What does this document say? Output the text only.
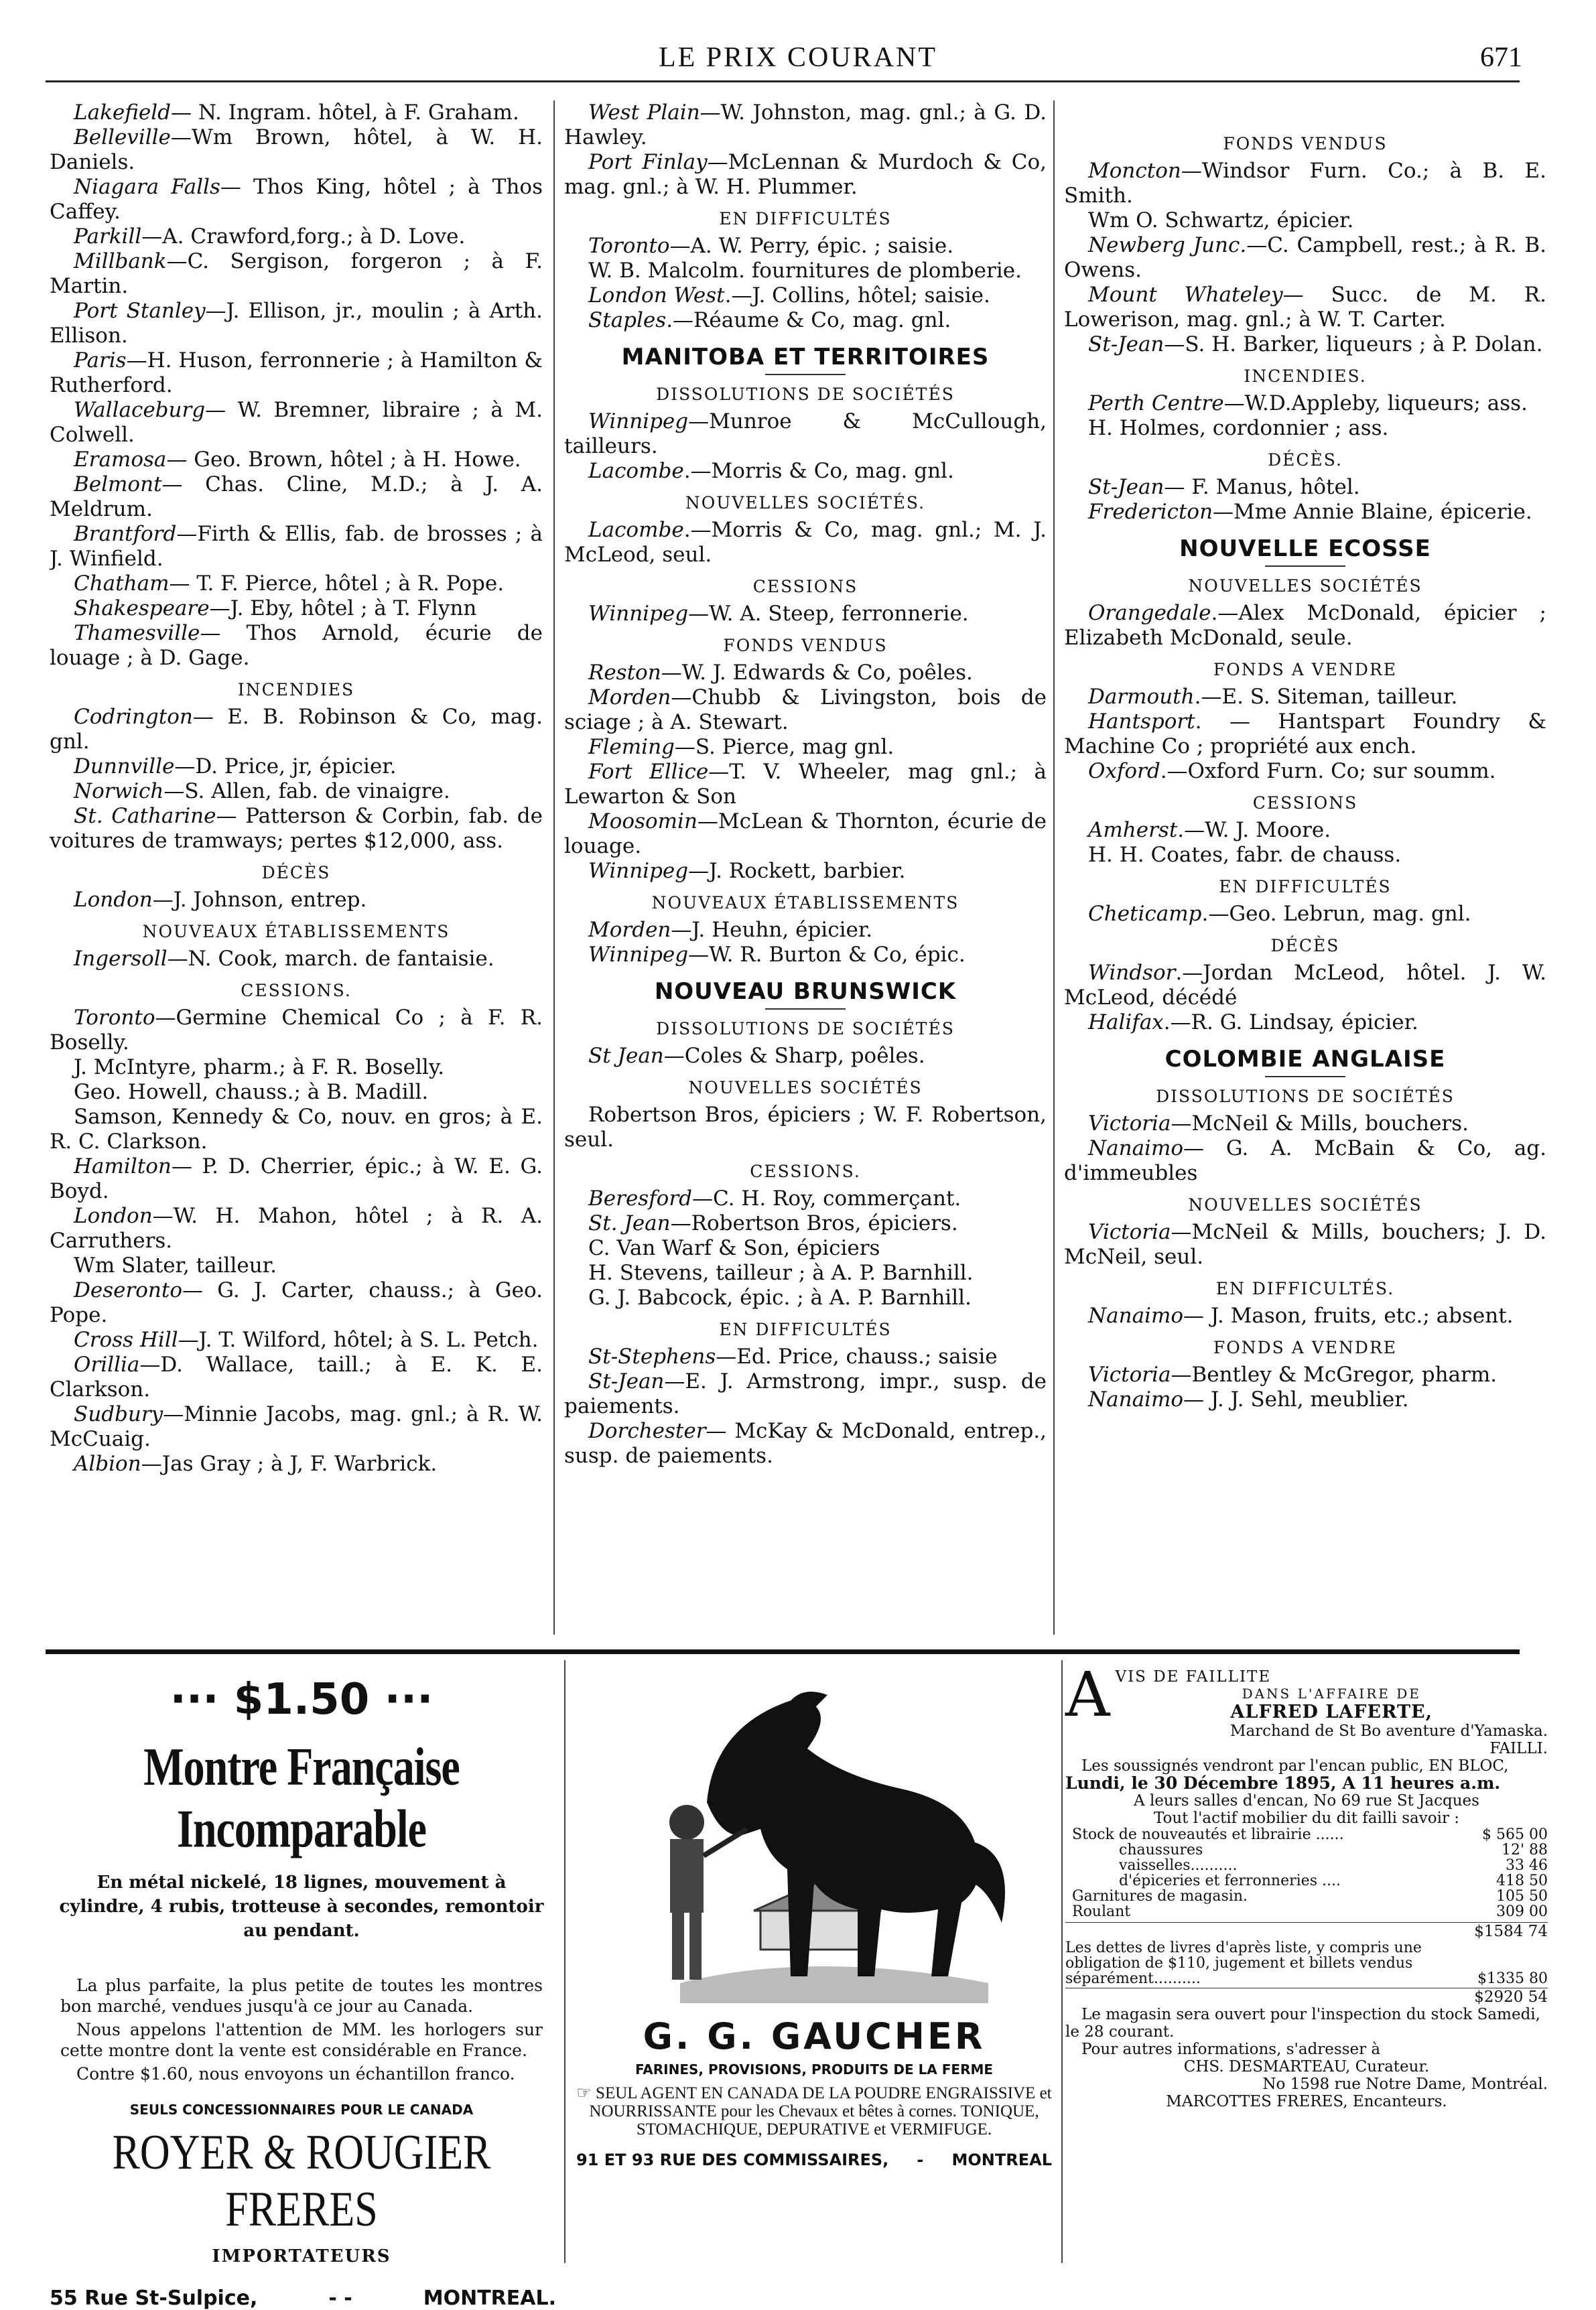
LE PRIX COURANT	671

Lakefield— N. Ingram. hôtel, à F. Graham.

Belleville—Wm Brown, hôtel, à W. H. Daniels.

Niagara Falls— Thos King, hôtel ; à Thos Caffey.

Parkill—A. Crawford,forg.; à D. Love.

Millbank—C. Sergison, forgeron ; à F. Martin.

Port Stanley—J. Ellison, jr., moulin ; à Arth. Ellison.

Paris—H. Huson, ferronnerie ; à Hamilton & Rutherford.

Wallaceburg— W. Bremner, libraire ; à M. Colwell.

Eramosa— Geo. Brown, hôtel ; à H. Howe.

Belmont— Chas. Cline, M.D.; à J. A. Meldrum.

Brantford—Firth & Ellis, fab. de brosses ; à J. Winfield.

Chatham— T. F. Pierce, hôtel ; à R. Pope.

Shakespeare—J. Eby, hôtel ; à T. Flynn

Thamesville— Thos Arnold, écurie de louage ; à D. Gage.

INCENDIES

Codrington— E. B. Robinson & Co, mag. gnl.

Dunnville—D. Price, jr, épicier.

Norwich—S. Allen, fab. de vinaigre.

St. Catharine— Patterson & Corbin, fab. de voitures de tramways; pertes $12,000, ass.

DÉCÈS

London—J. Johnson, entrep.

NOUVEAUX ÉTABLISSEMENTS

Ingersoll—N. Cook, march. de fantaisie.

CESSIONS.

Toronto—Germine Chemical Co ; à F. R. Boselly.

J. McIntyre, pharm.; à F. R. Boselly.

Geo. Howell, chauss.; à B. Madill.

Samson, Kennedy & Co, nouv. en gros; à E. R. C. Clarkson.

Hamilton— P. D. Cherrier, épic.; à W. E. G. Boyd.

London—W. H. Mahon, hôtel ; à R. A. Carruthers.

Wm Slater, tailleur.

Deseronto— G. J. Carter, chauss.; à Geo. Pope.

Cross Hill—J. T. Wilford, hôtel; à S. L. Petch.

Orillia—D. Wallace, taill.; à E. K. E. Clarkson.

Sudbury—Minnie Jacobs, mag. gnl.; à R. W. McCuaig.

Albion—Jas Gray ; à J, F. Warbrick.

West Plain—W. Johnston, mag. gnl.; à G. D. Hawley.

Port Finlay—McLennan & Murdoch & Co, mag. gnl.; à W. H. Plummer.

EN DIFFICULTÉS

Toronto—A. W. Perry, épic. ; saisie.

W. B. Malcolm. fournitures de plomberie.

London West.—J. Collins, hôtel; saisie.

Staples.—Réaume & Co, mag. gnl.

MANITOBA ET TERRITOIRES
DISSOLUTIONS DE SOCIÉTÉS

Winnipeg—Munroe & McCullough, tailleurs.

Lacombe.—Morris & Co, mag. gnl.

NOUVELLES SOCIÉTÉS.

Lacombe.—Morris & Co, mag. gnl.; M. J. McLeod, seul.

CESSIONS

Winnipeg—W. A. Steep, ferronnerie.

FONDS VENDUS

Reston—W. J. Edwards & Co, poêles.

Morden—Chubb & Livingston, bois de sciage ; à A. Stewart.

Fleming—S. Pierce, mag gnl.

Fort Ellice—T. V. Wheeler, mag gnl.; à Lewarton & Son

Moosomin—McLean & Thornton, écurie de louage.

Winnipeg—J. Rockett, barbier.

NOUVEAUX ÉTABLISSEMENTS

Morden—J. Heuhn, épicier.

Winnipeg—W. R. Burton & Co, épic.

NOUVEAU BRUNSWICK
DISSOLUTIONS DE SOCIÉTÉS

St Jean—Coles & Sharp, poêles.

NOUVELLES SOCIÉTÉS

Robertson Bros, épiciers ; W. F. Robertson, seul.

CESSIONS.

Beresford—C. H. Roy, commerçant.

St. Jean—Robertson Bros, épiciers.

C. Van Warf & Son, épiciers

H. Stevens, tailleur ; à A. P. Barnhill.

G. J. Babcock, épic. ; à A. P. Barnhill.

EN DIFFICULTÉS

St-Stephens—Ed. Price, chauss.; saisie

St-Jean—E. J. Armstrong, impr., susp. de paiements.

Dorchester— McKay & McDonald, entrep., susp. de paiements.

FONDS VENDUS

Moncton—Windsor Furn. Co.; à B. E. Smith.

Wm O. Schwartz, épicier.

Newberg Junc.—C. Campbell, rest.; à R. B. Owens.

Mount Whateley— Succ. de M. R. Lowerison, mag. gnl.; à W. T. Carter.

St-Jean—S. H. Barker, liqueurs ; à P. Dolan.

INCENDIES.

Perth Centre—W.D.Appleby, liqueurs; ass.

H. Holmes, cordonnier ; ass.

DÉCÈS.

St-Jean— F. Manus, hôtel.

Fredericton—Mme Annie Blaine, épicerie.

NOUVELLE ECOSSE
NOUVELLES SOCIÉTÉS

Orangedale.—Alex McDonald, épicier ; Elizabeth McDonald, seule.

FONDS A VENDRE

Darmouth.—E. S. Siteman, tailleur.

Hantsport. — Hantspart Foundry & Machine Co ; propriété aux ench.

Oxford.—Oxford Furn. Co; sur soumm.

CESSIONS

Amherst.—W. J. Moore.

H. H. Coates, fabr. de chauss.

EN DIFFICULTÉS

Cheticamp.—Geo. Lebrun, mag. gnl.

DÉCÈS

Windsor.—Jordan McLeod, hôtel. J. W. McLeod, décédé

Halifax.—R. G. Lindsay, épicier.

COLOMBIE ANGLAISE
DISSOLUTIONS DE SOCIÉTÉS

Victoria—McNeil & Mills, bouchers.

Nanaimo— G. A. McBain & Co, ag. d'immeubles

NOUVELLES SOCIÉTÉS

Victoria—McNeil & Mills, bouchers; J. D. McNeil, seul.

EN DIFFICULTÉS.

Nanaimo— J. Mason, fruits, etc.; absent.

FONDS A VENDRE

Victoria—Bentley & McGregor, pharm.

Nanaimo— J. J. Sehl, meublier.

··· $1.50 ···
Montre Française Incomparable
En métal nickelé, 18 lignes, mouvement à cylindre, 4 rubis, trotteuse à secondes, remontoir au pendant.

La plus parfaite, la plus petite de toutes les montres bon marché, vendues jusqu'à ce jour au Canada.

Nous appelons l'attention de MM. les horlogers sur cette montre dont la vente est considérable en France.

Contre $1.60, nous envoyons un échantillon franco.

SEULS CONCESSIONNAIRES POUR LE CANADA
ROYER & ROUGIER FRERES
IMPORTATEURS
55 Rue St-Sulpice,	- -	MONTREAL.
G. G. GAUCHER
FARINES, PROVISIONS, PRODUITS DE LA FERME
☞ SEUL AGENT EN CANADA DE LA POUDRE ENGRAISSIVE et NOURRISSANTE pour les Chevaux et bêtes à cornes. TONIQUE, STOMACHIQUE, DEPURATIVE et VERMIFUGE.
91 ET 93 RUE DES COMMISSAIRES, - MONTREAL
A VIS DE FAILLITE
DANS L'AFFAIRE DE
ALFRED LAFERTE,
Marchand de St Bo aventure d'Yamaska.
FAILLI.
Les soussignés vendront par l'encan public, EN BLOC,
Lundi, le 30 Décembre 1895, A 11 heures a.m.
A leurs salles d'encan, No 69 rue St Jacques
Tout l'actif mobilier du dit failli savoir :
Stock de nouveautés et librairie ......	$ 565 00
chaussures	12' 88
vaisselles..........	33 46
d'épiceries et ferronneries ....	418 50
Garnitures de magasin.	105 50
Roulant	309 00
$1584 74
Les dettes de livres d'après liste, y compris une obligation de $110, jugement et billets vendus séparément..........	$1335 80
$2920 54
Le magasin sera ouvert pour l'inspection du stock Samedi, le 28 courant.
Pour autres informations, s'adresser à
CHS. DESMARTEAU, Curateur.
No 1598 rue Notre Dame, Montréal.
MARCOTTES FRERES, Encanteurs.
